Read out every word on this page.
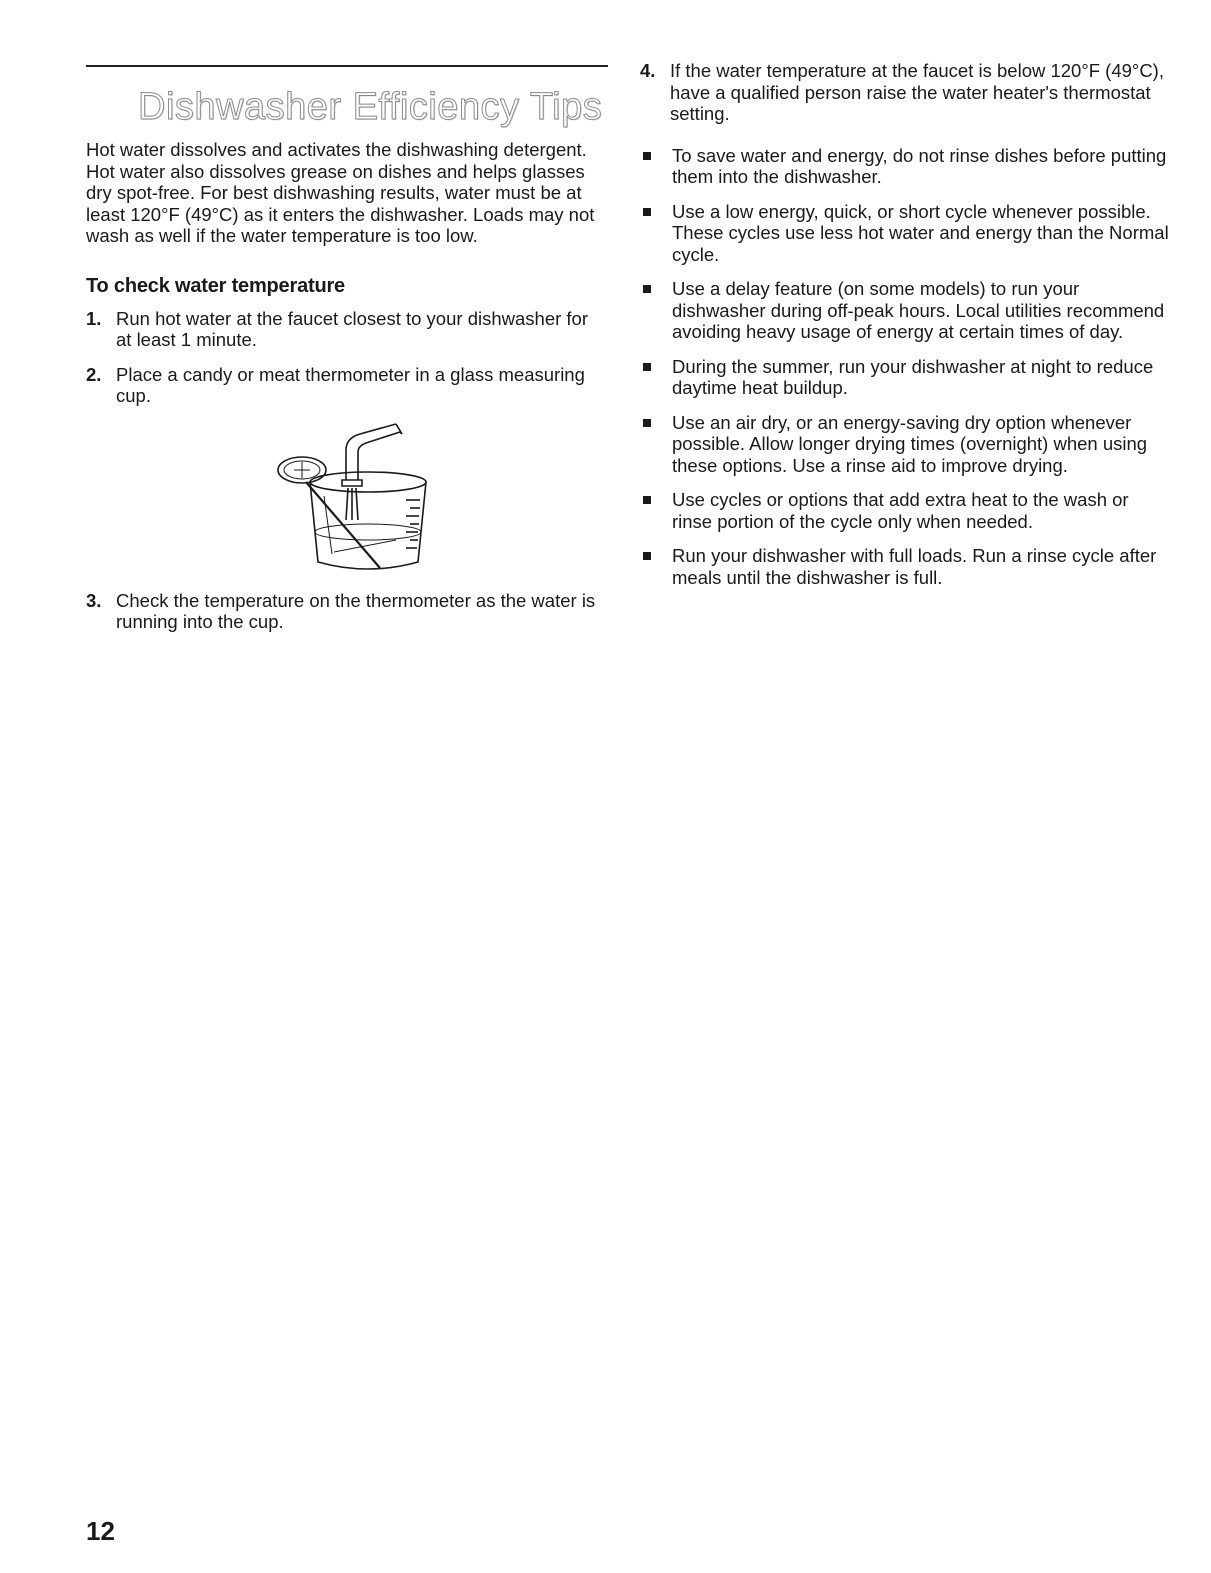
Dishwasher Efficiency Tips

Hot water dissolves and activates the dishwashing detergent. Hot water also dissolves grease on dishes and helps glasses dry spot-free. For best dishwashing results, water must be at least 120°F (49°C) as it enters the dishwasher. Loads may not wash as well if the water temperature is too low.

To check water temperature
1. Run hot water at the faucet closest to your dishwasher for at least 1 minute.
2. Place a candy or meat thermometer in a glass measuring cup.
3. Check the temperature on the thermometer as the water is running into the cup.
4. If the water temperature at the faucet is below 120°F (49°C), have a qualified person raise the water heater's thermostat setting.
To save water and energy, do not rinse dishes before putting them into the dishwasher.
Use a low energy, quick, or short cycle whenever possible. These cycles use less hot water and energy than the Normal cycle.
Use a delay feature (on some models) to run your dishwasher during off-peak hours. Local utilities recommend avoiding heavy usage of energy at certain times of day.
During the summer, run your dishwasher at night to reduce daytime heat buildup.
Use an air dry, or an energy-saving dry option whenever possible. Allow longer drying times (overnight) when using these options. Use a rinse aid to improve drying.
Use cycles or options that add extra heat to the wash or rinse portion of the cycle only when needed.
Run your dishwasher with full loads. Run a rinse cycle after meals until the dishwasher is full.
12
